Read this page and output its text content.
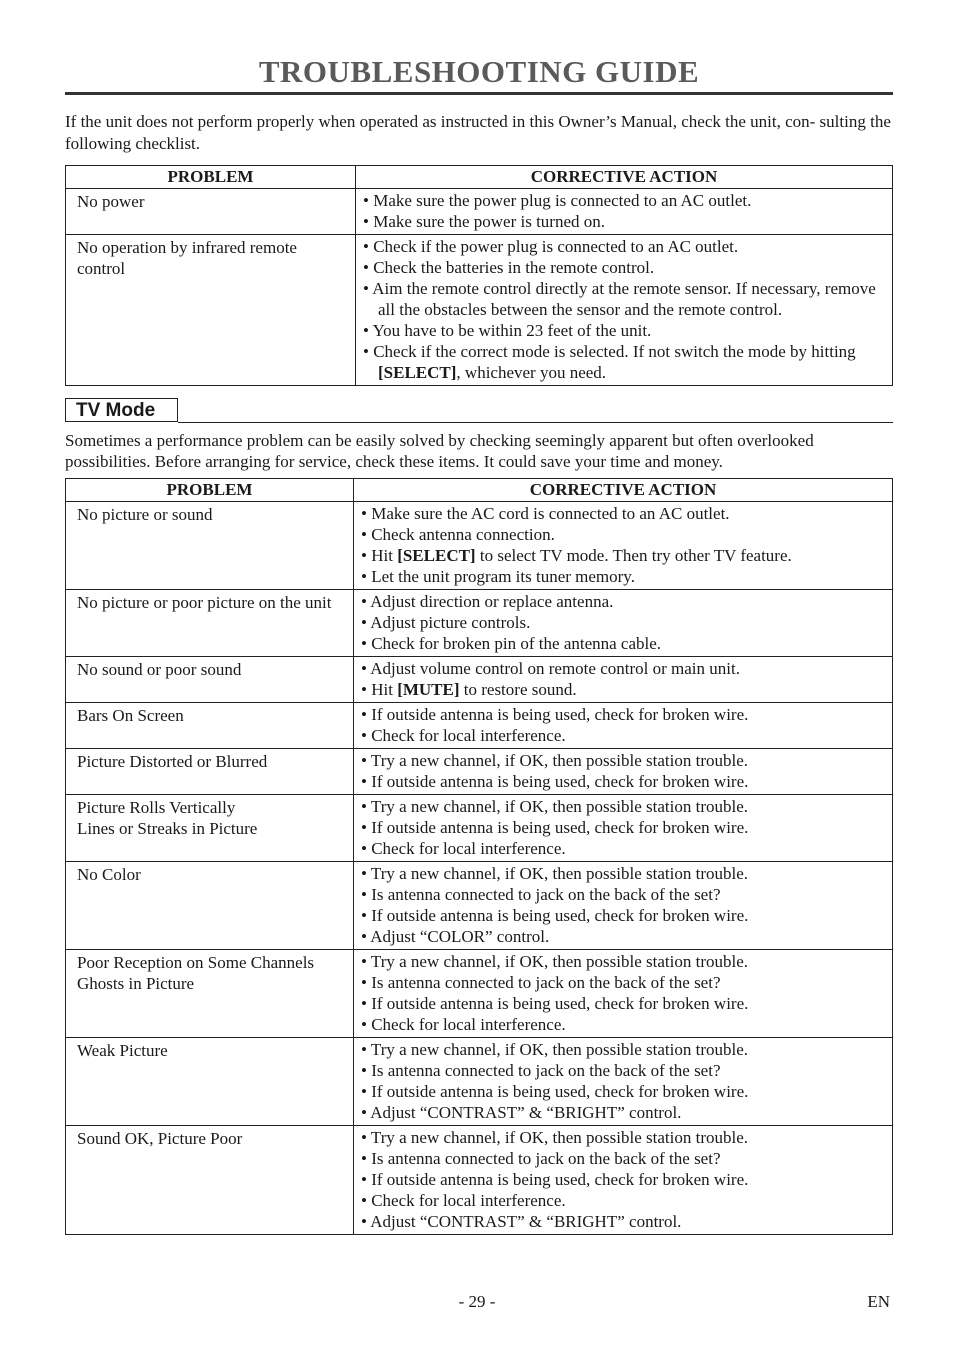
TROUBLESHOOTING GUIDE
If the unit does not perform properly when operated as instructed in this Owner’s Manual, check the unit, con- sulting the following checklist.
PROBLEM	CORRECTIVE ACTION
No power	• Make sure the power plug is connected to an AC outlet.
• Make sure the power is turned on.

No operation by infrared remote control	• Check if the power plug is connected to an AC outlet.
• Check the batteries in the remote control.
• Aim the remote control directly at the remote sensor. If necessary, remove all the obstacles between the sensor and the remote control.
• You have to be within 23 feet of the unit.
• Check if the correct mode is selected. If not switch the mode by hitting [SELECT], whichever you need.
TV Mode
Sometimes a performance problem can be easily solved by checking seemingly apparent but often overlooked possibilities. Before arranging for service, check these items. It could save your time and money.
PROBLEM	CORRECTIVE ACTION
No picture or sound	• Make sure the AC cord is connected to an AC outlet.
• Check antenna connection.
• Hit [SELECT] to select TV mode. Then try other TV feature.
• Let the unit program its tuner memory.

No picture or poor picture on the unit	• Adjust direction or replace antenna.
• Adjust picture controls.
• Check for broken pin of the antenna cable.

No sound or poor sound	• Adjust volume control on remote control or main unit.
• Hit [MUTE] to restore sound.

Bars On Screen	• If outside antenna is being used, check for broken wire.
• Check for local interference.

Picture Distorted or Blurred	• Try a new channel, if OK, then possible station trouble.
• If outside antenna is being used, check for broken wire.

Picture Rolls Vertically
Lines or Streaks in Picture	• Try a new channel, if OK, then possible station trouble.
• If outside antenna is being used, check for broken wire.
• Check for local interference.

No Color	• Try a new channel, if OK, then possible station trouble.
• Is antenna connected to jack on the back of the set?
• If outside antenna is being used, check for broken wire.
• Adjust “COLOR” control.

Poor Reception on Some Channels
Ghosts in Picture	• Try a new channel, if OK, then possible station trouble.
• Is antenna connected to jack on the back of the set?
• If outside antenna is being used, check for broken wire.
• Check for local interference.

Weak Picture	• Try a new channel, if OK, then possible station trouble.
• Is antenna connected to jack on the back of the set?
• If outside antenna is being used, check for broken wire.
• Adjust “CONTRAST” & “BRIGHT” control.

Sound OK, Picture Poor	• Try a new channel, if OK, then possible station trouble.
• Is antenna connected to jack on the back of the set?
• If outside antenna is being used, check for broken wire.
• Check for local interference.
• Adjust “CONTRAST” & “BRIGHT” control.
- 29 -	EN
